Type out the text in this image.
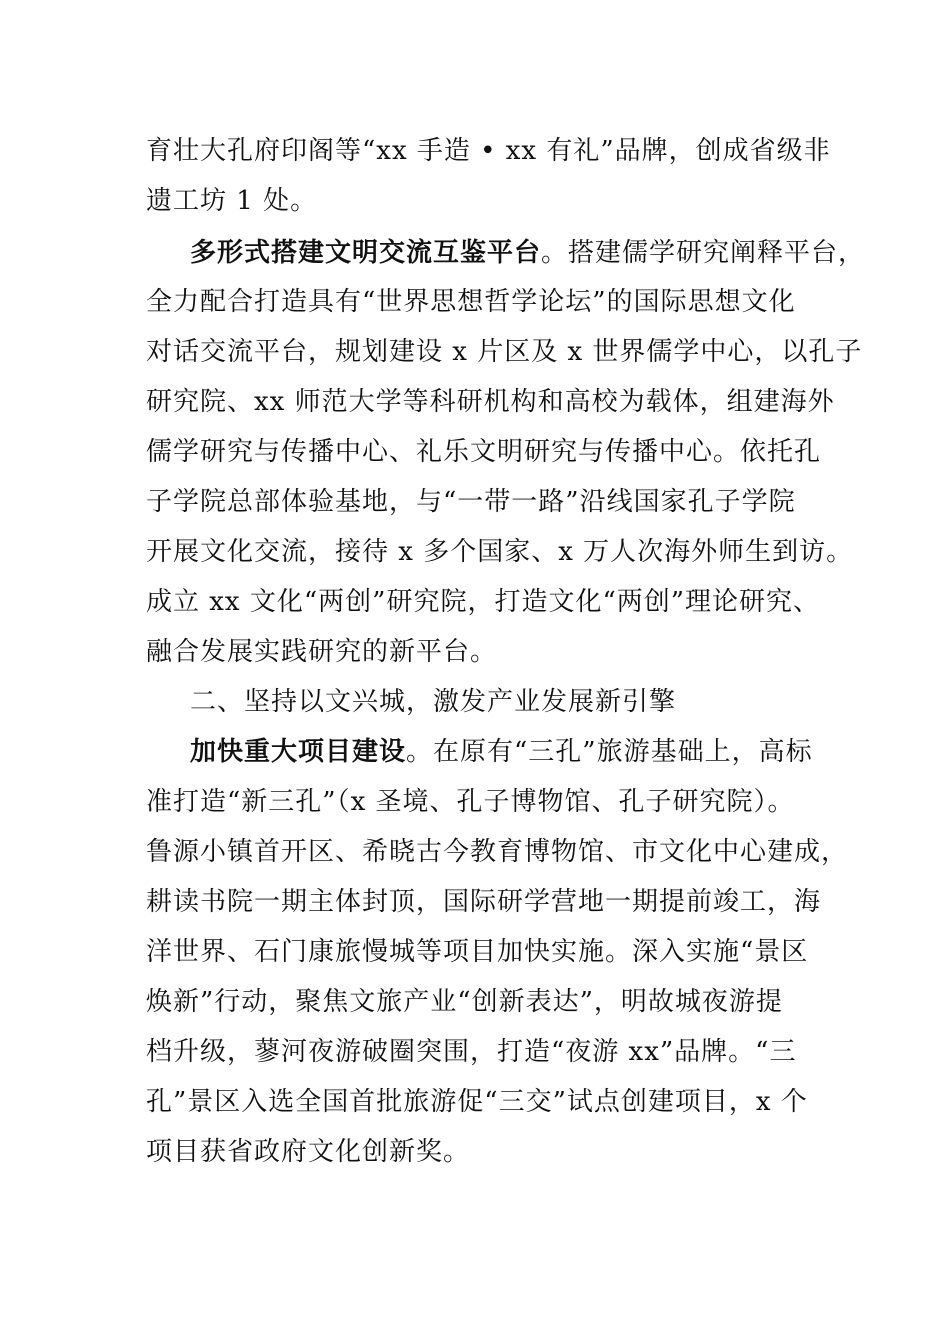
育壮大孔府印阁等“xx 手造 • xx 有礼”品牌，创成省级非

遗工坊 1 处。

多形式搭建文明交流互鉴平台。搭建儒学研究阐释平台，

全力配合打造具有“世界思想哲学论坛”的国际思想文化

对话交流平台，规划建设 x 片区及 x 世界儒学中心，以孔子

研究院、xx 师范大学等科研机构和高校为载体，组建海外

儒学研究与传播中心、礼乐文明研究与传播中心。依托孔

子学院总部体验基地，与“一带一路”沿线国家孔子学院

开展文化交流，接待 x 多个国家、x 万人次海外师生到访。

成立 xx 文化“两创”研究院，打造文化“两创”理论研究、

融合发展实践研究的新平台。

二、坚持以文兴城，激发产业发展新引擎

加快重大项目建设。在原有“三孔”旅游基础上，高标

准打造“新三孔”（x 圣境、孔子博物馆、孔子研究院）。

鲁源小镇首开区、希晓古今教育博物馆、市文化中心建成，

耕读书院一期主体封顶，国际研学营地一期提前竣工，海

洋世界、石门康旅慢城等项目加快实施。深入实施“景区

焕新”行动，聚焦文旅产业“创新表达”，明故城夜游提

档升级，蓼河夜游破圈突围，打造“夜游 xx”品牌。“三

孔”景区入选全国首批旅游促“三交”试点创建项目，x 个

项目获省政府文化创新奖。
